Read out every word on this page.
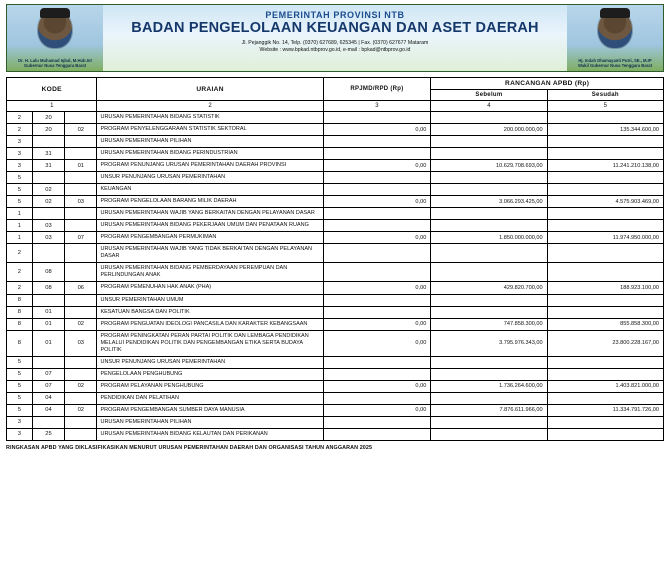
Dr. H. Lalu Muhamad Iqbal, M.Hub.Int
Gubernur Nusa Tenggara Barat
PEMERINTAH PROVINSI NTB
BADAN PENGELOLAAN KEUANGAN DAN ASET DAERAH
Jl. Pejanggik No. 14, Telp. (0370) 627689, 625345 | Fax. (0370) 627677 Mataram
Website : www.bpkad.ntbprov.go.id, e-mail : bpkad@ntbprov.go.id
Hj. Indah Dhamayanti Putri, SE., M.IP
Wakil Gubernur Nusa Tenggara Barat
KODE			URAIAN	RPJMD/RPD (Rp)	RANCANGAN APBD (Rp)	
					Sebelum	Sesudah
1			2	3	4	5
2	20		URUSAN PEMERINTAHAN BIDANG STATISTIK			
2	20	02	PROGRAM PENYELENGGARAAN STATISTIK SEKTORAL	0,00	200.000.000,00	135.344.600,00
3			URUSAN PEMERINTAHAN PILIHAN			
3	31		URUSAN PEMERINTAHAN BIDANG PERINDUSTRIAN			
3	31	01	PROGRAM PENUNJANG URUSAN PEMERINTAHAN DAERAH PROVINSI	0,00	10.629.708.693,00	11.241.210.138,00
5			UNSUR PENUNJANG URUSAN PEMERINTAHAN			
5	02		KEUANGAN			
5	02	03	PROGRAM PENGELOLAAN BARANG MILIK DAERAH	0,00	3.066.293.425,00	4.575.903.469,00
1			URUSAN PEMERINTAHAN WAJIB YANG BERKAITAN DENGAN PELAYANAN DASAR			
1	03		URUSAN PEMERINTAHAN BIDANG PEKERJAAN UMUM DAN PENATAAN RUANG			
1	03	07	PROGRAM PENGEMBANGAN PERMUKIMAN	0,00	1.850.000.000,00	11.974.950.000,00
2			URUSAN PEMERINTAHAN WAJIB YANG TIDAK BERKAITAN DENGAN PELAYANAN DASAR			
2	08		URUSAN PEMERINTAHAN BIDANG PEMBERDAYAAN PEREMPUAN DAN PERLINDUNGAN ANAK			
2	08	06	PROGRAM PEMENUHAN HAK ANAK (PHA)	0,00	429.820.700,00	188.923.100,00
8			UNSUR PEMERINTAHAN UMUM			
8	01		KESATUAN BANGSA DAN POLITIK			
8	01	02	PROGRAM PENGUATAN IDEOLOGI PANCASILA DAN KARAKTER KEBANGSAAN	0,00	747.858.300,00	855.858.300,00
8	01	03	PROGRAM PENINGKATAN PERAN PARTAI POLITIK DAN LEMBAGA PENDIDIKAN MELALUI PENDIDIKAN POLITIK DAN PENGEMBANGAN ETIKA SERTA BUDAYA POLITIK	0,00	3.795.976.343,00	23.800.228.167,00
5			UNSUR PENUNJANG URUSAN PEMERINTAHAN			
5	07		PENGELOLAAN PENGHUBUNG			
5	07	02	PROGRAM PELAYANAN PENGHUBUNG	0,00	1.736.264.600,00	1.403.821.000,00
5	04		PENDIDIKAN DAN PELATIHAN			
5	04	02	PROGRAM PENGEMBANGAN SUMBER DAYA MANUSIA	0,00	7.876.611.966,00	11.334.791.726,00
3			URUSAN PEMERINTAHAN PILIHAN			
3	25		URUSAN PEMERINTAHAN BIDANG KELAUTAN DAN PERIKANAN			
RINGKASAN APBD YANG DIKLASIFIKASIKAN MENURUT URUSAN PEMERINTAHAN DAERAH DAN ORGANISASI TAHUN ANGGARAN 2025
